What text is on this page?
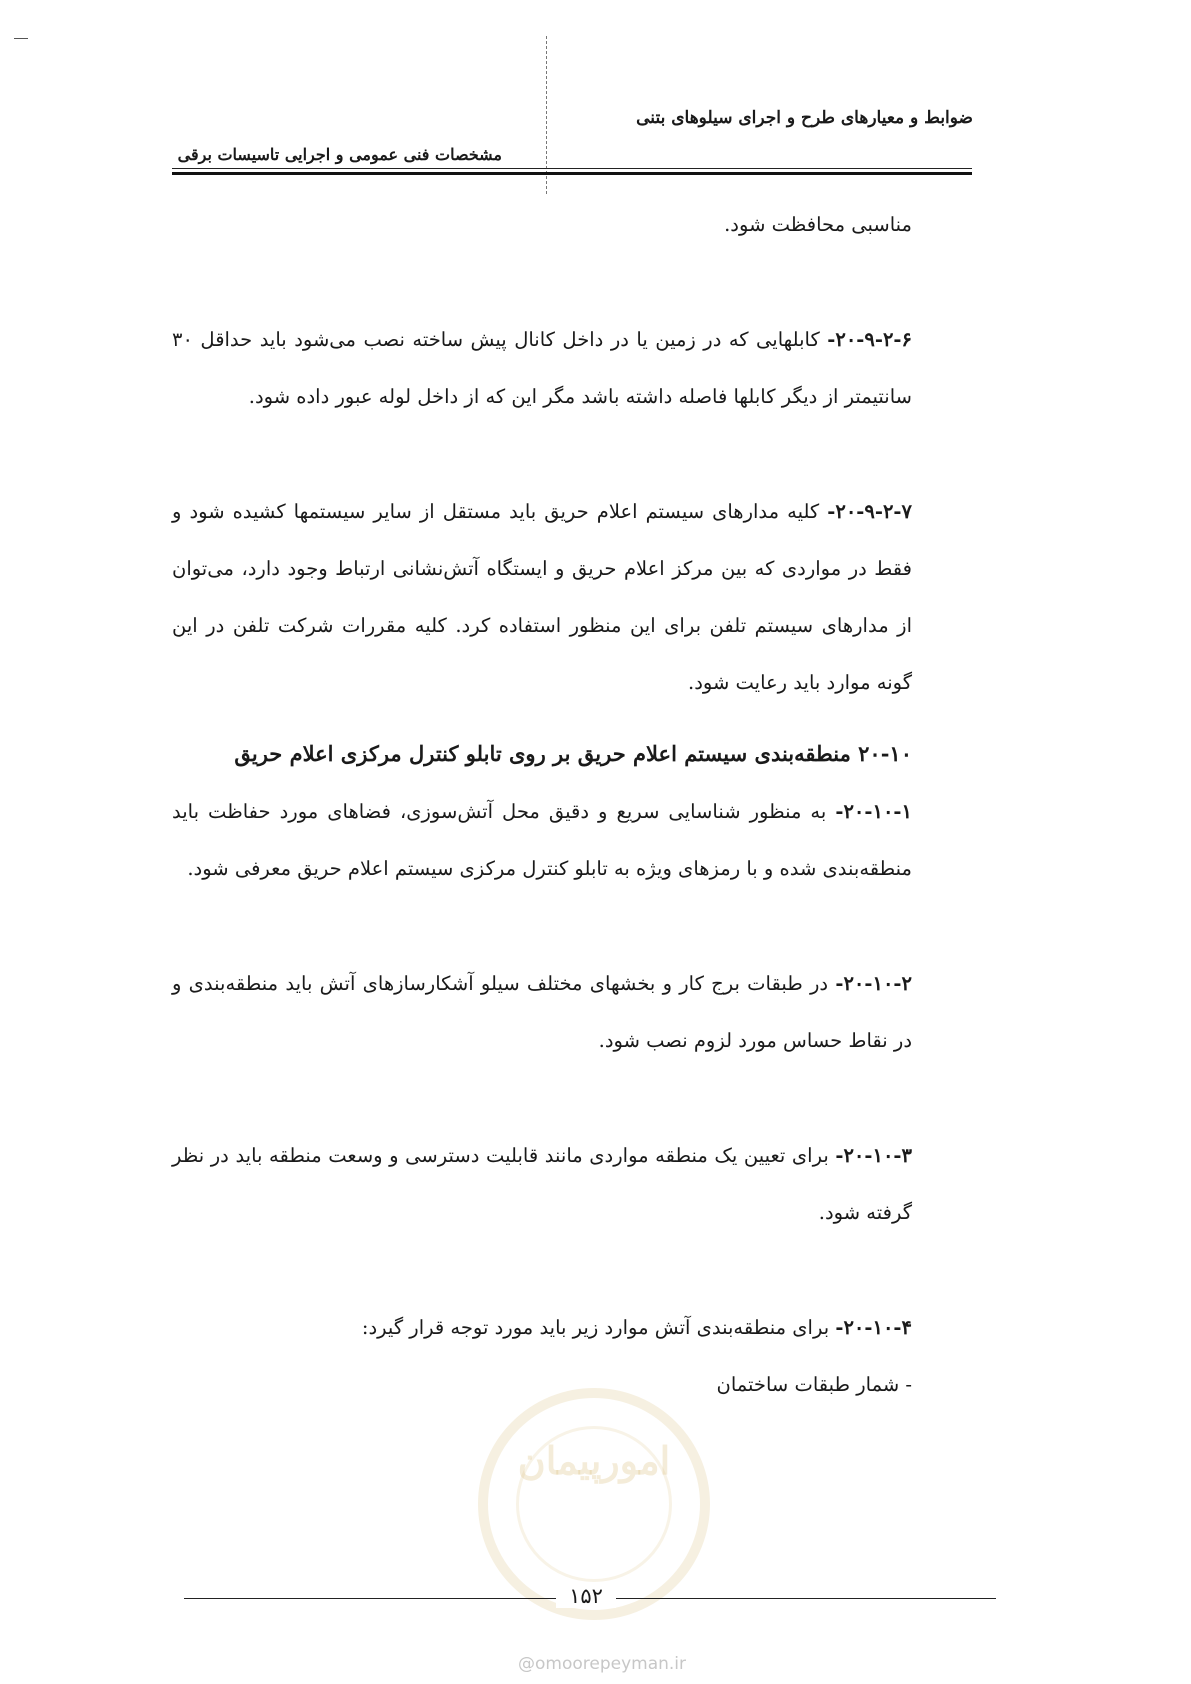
ضوابط و معیارهای طرح و اجرای سیلوهای بتنی
مشخصات فنی عمومی و اجرایی تاسیسات برقی

مناسبی محافظت شود.

۲۰-۹-۲-۶- کابلهایی که در زمین یا در داخل کانال پیش ساخته نصب می‌شود باید حداقل ۳۰ سانتیمتر از دیگر کابلها فاصله داشته باشد مگر این که از داخل لوله عبور داده شود.

۲۰-۹-۲-۷- کلیه مدارهای سیستم اعلام حریق باید مستقل از سایر سیستمها کشیده شود و فقط در مواردی که بین مرکز اعلام حریق و ایستگاه آتش‌نشانی ارتباط وجود دارد، می‌توان از مدارهای سیستم تلفن برای این منظور استفاده کرد. کلیه مقررات شرکت تلفن در این گونه موارد باید رعایت شود.

۲۰-۱۰ منطقه‌بندی سیستم اعلام حریق بر روی تابلو کنترل مرکزی اعلام حریق

۲۰-۱۰-۱- به منظور شناسایی سریع و دقیق محل آتش‌سوزی، فضاهای مورد حفاظت باید منطقه‌بندی شده و با رمزهای ویژه به تابلو کنترل مرکزی سیستم اعلام حریق معرفی شود.

۲۰-۱۰-۲- در طبقات برج کار و بخشهای مختلف سیلو آشکارسازهای آتش باید منطقه‌بندی و در نقاط حساس مورد لزوم نصب شود.

۲۰-۱۰-۳- برای تعیین یک منطقه مواردی مانند قابلیت دسترسی و وسعت منطقه باید در نظر گرفته شود.

۲۰-۱۰-۴- برای منطقه‌بندی آتش موارد زیر باید مورد توجه قرار گیرد:

- شمار طبقات ساختمان

امورپیمان
۱۵۲
@omoorepeyman.ir
